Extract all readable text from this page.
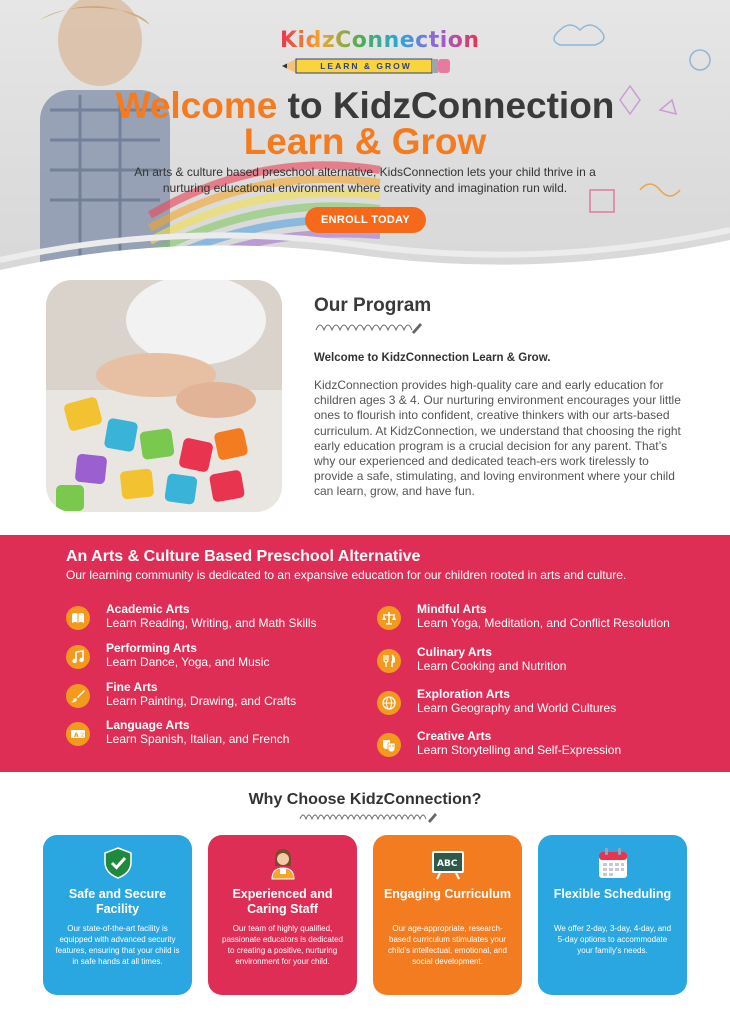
KidzConnection
LEARN & GROW
Welcome to KidzConnection
Learn & Grow

An arts & culture based preschool alternative, KidsConnection lets your child thrive in a nurturing educational environment where creativity and imagination run wild.

ENROLL TODAY
Our Program

Welcome to KidzConnection Learn & Grow.

KidzConnection provides high-quality care and early education for children ages 3 & 4. Our nurturing environment encourages your little ones to flourish into confident, creative thinkers with our arts-based curriculum. At KidzConnection, we understand that choosing the right early education program is a crucial decision for any parent. That’s why our experienced and dedicated teach-ers work tirelessly to provide a safe, stimulating, and loving environment where your child can learn, grow, and have fun.

An Arts & Culture Based Preschool Alternative

Our learning community is dedicated to an expansive education for our children rooted in arts and culture.

Academic Arts
Learn Reading, Writing, and Math Skills
Performing Arts
Learn Dance, Yoga, and Music
Fine Arts
Learn Painting, Drawing, and Crafts
A 文
Language Arts
Learn Spanish, Italian, and French
Mindful Arts
Learn Yoga, Meditation, and Conflict Resolution
Culinary Arts
Learn Cooking and Nutrition
Exploration Arts
Learn Geography and World Cultures
Creative Arts
Learn Storytelling and Self-Expression
Why Choose KidzConnection?
Safe and Secure Facility
Our state-of-the-art facility is equipped with advanced security features, ensuring that your child is in safe hands at all times.
Experienced and Caring Staff
Our team of highly qualified, passionate educators is dedicated to creating a positive, nurturing environment for your child.
ABC
Engaging Curriculum
Our age-appropriate, research-based curriculum stimulates your child's intellectual, emotional, and social development.
Flexible Scheduling
We offer 2-day, 3-day, 4-day, and 5-day options to accommodate your family's needs.
